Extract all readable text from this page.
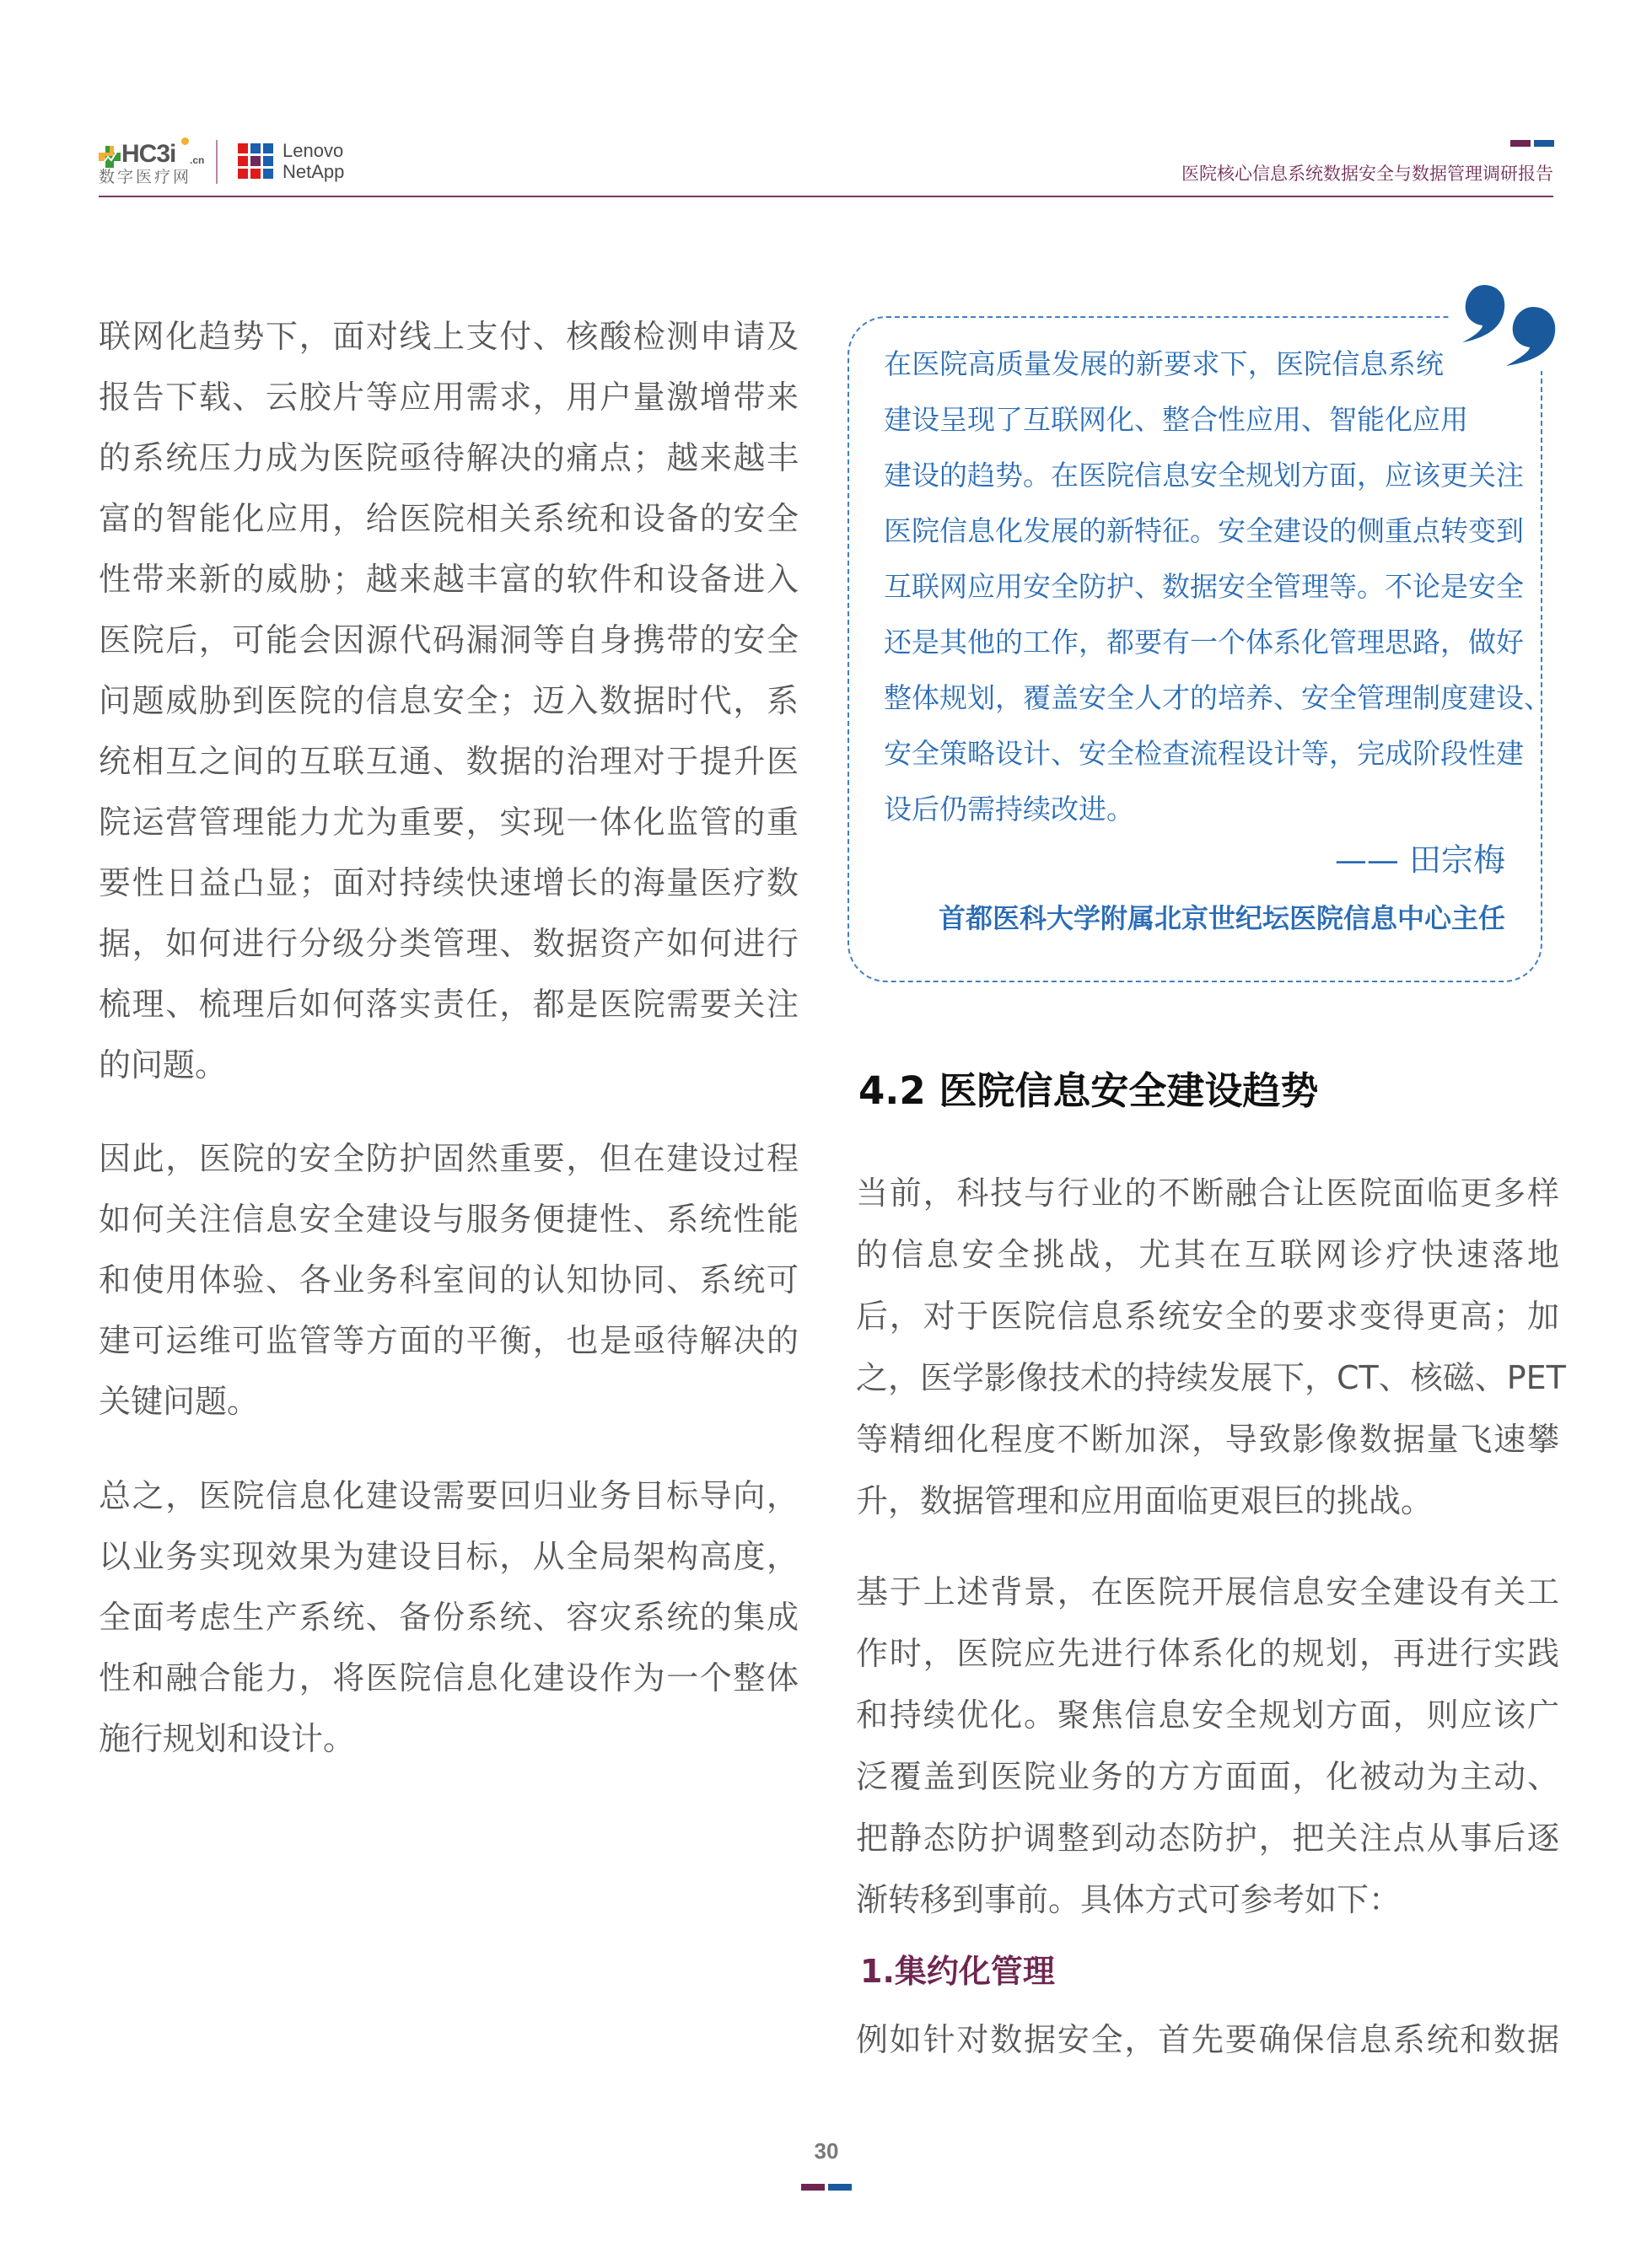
HC3i .cn
数字医疗网
Lenovo
NetApp	医院核心信息系统数据安全与数据管理调研报告
联网化趋势下，面对线上支付、核酸检测申请及
报告下载、云胶片等应用需求，用户量激增带来
的系统压力成为医院亟待解决的痛点；越来越丰
富的智能化应用，给医院相关系统和设备的安全
性带来新的威胁；越来越丰富的软件和设备进入
医院后，可能会因源代码漏洞等自身携带的安全
问题威胁到医院的信息安全；迈入数据时代，系
统相互之间的互联互通、数据的治理对于提升医
院运营管理能力尤为重要，实现一体化监管的重
要性日益凸显；面对持续快速增长的海量医疗数
据，如何进行分级分类管理、数据资产如何进行
梳理、梳理后如何落实责任，都是医院需要关注
的问题。
因此，医院的安全防护固然重要，但在建设过程
如何关注信息安全建设与服务便捷性、系统性能
和使用体验、各业务科室间的认知协同、系统可
建可运维可监管等方面的平衡，也是亟待解决的
关键问题。
总之，医院信息化建设需要回归业务目标导向，
以业务实现效果为建设目标，从全局架构高度，
全面考虑生产系统、备份系统、容灾系统的集成
性和融合能力，将医院信息化建设作为一个整体
施行规划和设计。
在医院高质量发展的新要求下，医院信息系统
建设呈现了互联网化、整合性应用、智能化应用
建设的趋势。在医院信息安全规划方面，应该更关注
医院信息化发展的新特征。安全建设的侧重点转变到
互联网应用安全防护、数据安全管理等。不论是安全
还是其他的工作，都要有一个体系化管理思路，做好
整体规划，覆盖安全人才的培养、安全管理制度建设、
安全策略设计、安全检查流程设计等，完成阶段性建
设后仍需持续改进。
—— 田宗梅
首都医科大学附属北京世纪坛医院信息中心主任
4.2 医院信息安全建设趋势
当前，科技与行业的不断融合让医院面临更多样
的信息安全挑战，尤其在互联网诊疗快速落地
后，对于医院信息系统安全的要求变得更高；加
之，医学影像技术的持续发展下，CT、核磁、PET
等精细化程度不断加深，导致影像数据量飞速攀
升，数据管理和应用面临更艰巨的挑战。
基于上述背景，在医院开展信息安全建设有关工
作时，医院应先进行体系化的规划，再进行实践
和持续优化。聚焦信息安全规划方面，则应该广
泛覆盖到医院业务的方方面面，化被动为主动、
把静态防护调整到动态防护，把关注点从事后逐
渐转移到事前。具体方式可参考如下：
例如针对数据安全，首先要确保信息系统和数据
1.集约化管理
30
